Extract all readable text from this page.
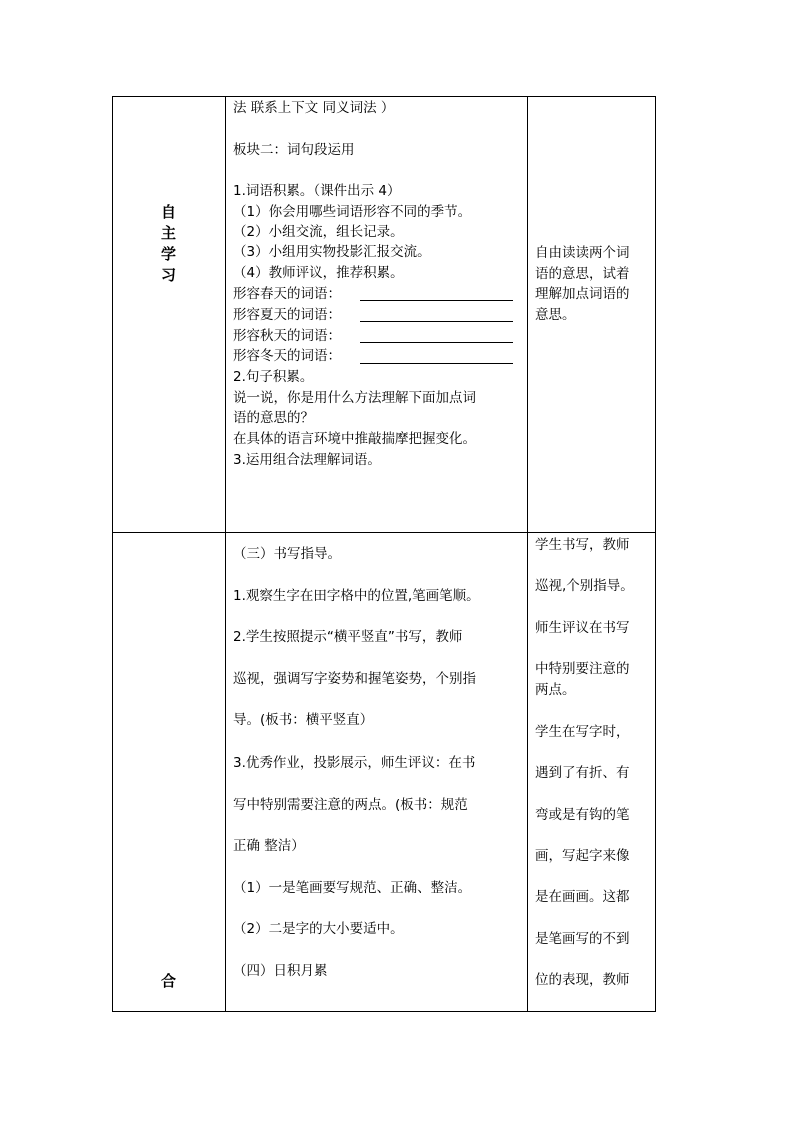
自
主
学
习
法 联系上下文 同义词法 ）
板块二：词句段运用
1.词语积累。（课件出示 4）
（1）你会用哪些词语形容不同的季节。
（2）小组交流，组长记录。
（3）小组用实物投影汇报交流。
（4）教师评议，推荐积累。
形容春天的词语：
形容夏天的词语：
形容秋天的词语：
形容冬天的词语：
2.句子积累。
说一说，你是用什么方法理解下面加点词
语的意思的？
在具体的语言环境中推敲揣摩把握变化。
3.运用组合法理解词语。
自由读读两个词
语的意思，试着
理解加点词语的
意思。
合
（三）书写指导。
1.观察生字在田字格中的位置,笔画笔顺。
2.学生按照提示“横平竖直”书写，教师
巡视，强调写字姿势和握笔姿势，个别指
导。(板书：横平竖直）
3.优秀作业，投影展示，师生评议：在书
写中特别需要注意的两点。(板书：规范
正确 整洁）
（1）一是笔画要写规范、正确、整洁。
（2）二是字的大小要适中。
（四）日积月累
学生书写，教师
巡视,个别指导。
师生评议在书写
中特别要注意的
两点。
学生在写字时，
遇到了有折、有
弯或是有钩的笔
画，写起字来像
是在画画。这都
是笔画写的不到
位的表现，教师
